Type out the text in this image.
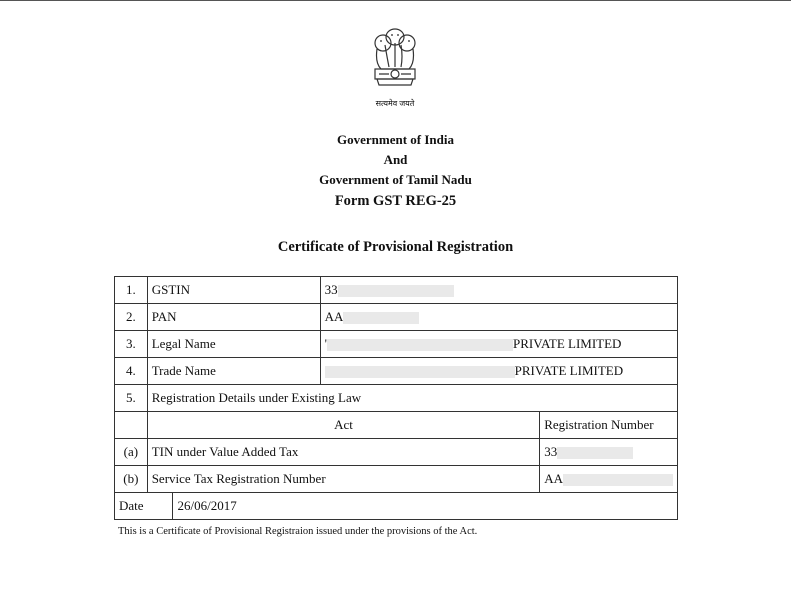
सत्यमेव जयते
Government of India
And
Government of Tamil Nadu
Form GST REG-25
Certificate of Provisional Registration
1.	GSTIN		33	
2.	PAN		AA	
3.	Legal Name		' PRIVATE LIMITED	
4.	Trade Name		PRIVATE LIMITED	
5.	Registration Details under Existing Law			
	Act			Registration Number
(a)	TIN under Value Added Tax			33
(b)	Service Tax Registration Number			AA
Date		26/06/2017		
This is a Certificate of Provisional Registraion issued under the provisions of the Act.
